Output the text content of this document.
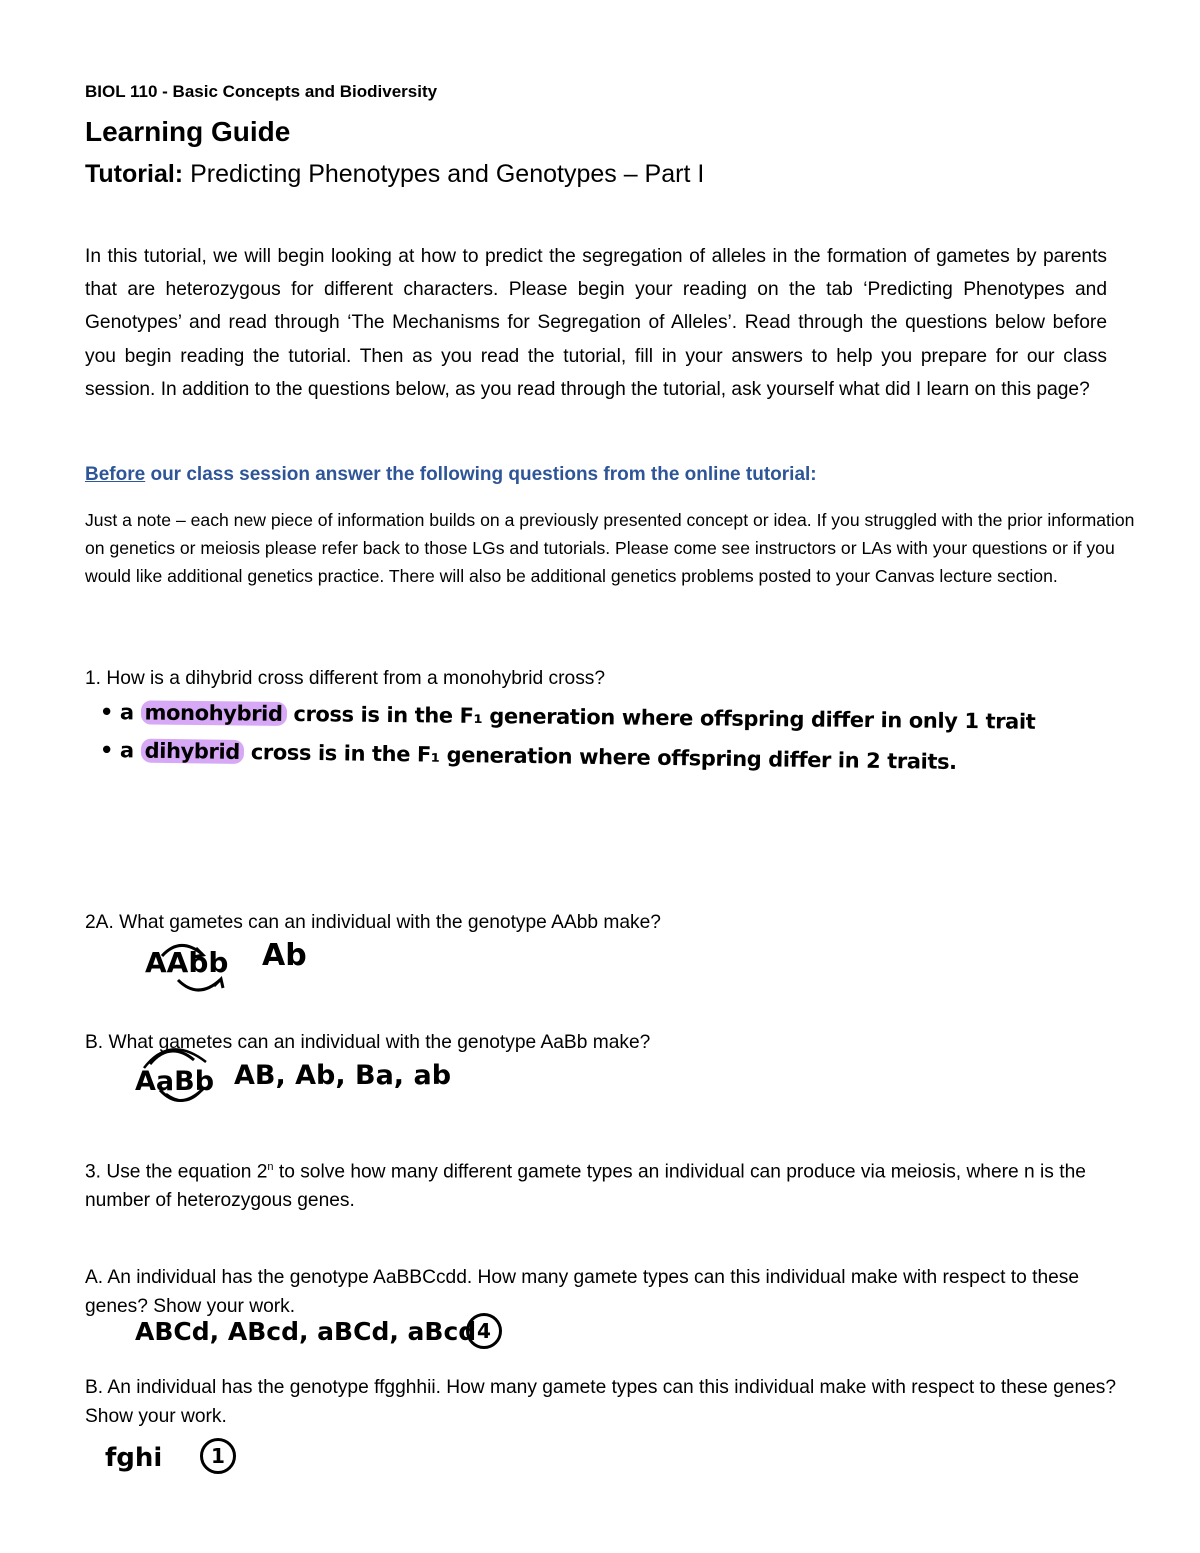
BIOL 110 - Basic Concepts and Biodiversity
Learning Guide
Tutorial: Predicting Phenotypes and Genotypes – Part I
In this tutorial, we will begin looking at how to predict the segregation of alleles in the formation of gametes by parents that are heterozygous for different characters. Please begin your reading on the tab ‘Predicting Phenotypes and Genotypes’ and read through ‘The Mechanisms for Segregation of Alleles’. Read through the questions below before you begin reading the tutorial. Then as you read the tutorial, fill in your answers to help you prepare for our class session. In addition to the questions below, as you read through the tutorial, ask yourself what did I learn on this page?
Before our class session answer the following questions from the online tutorial:
Just a note – each new piece of information builds on a previously presented concept or idea. If you struggled with the prior information on genetics or meiosis please refer back to those LGs and tutorials. Please come see instructors or LAs with your questions or if you would like additional genetics practice. There will also be additional genetics problems posted to your Canvas lecture section.
1. How is a dihybrid cross different from a monohybrid cross?
• a monohybrid cross is in the F₁ generation where offspring differ in only 1 trait
• a dihybrid cross is in the F₁ generation where offspring differ in 2 traits.
2A. What gametes can an individual with the genotype AAbb make?
AAbb Ab
B. What gametes can an individual with the genotype AaBb make?
AaBb AB, Ab, Ba, ab
3. Use the equation 2$^n$ to solve how many different gamete types an individual can produce via meiosis, where n is the number of heterozygous genes.
A. An individual has the genotype AaBBCcdd. How many gamete types can this individual make with respect to these genes? Show your work.
ABCd, ABcd, aBCd, aBcd 4
B. An individual has the genotype ffgghhii. How many gamete types can this individual make with respect to these genes? Show your work.
fghi	1
